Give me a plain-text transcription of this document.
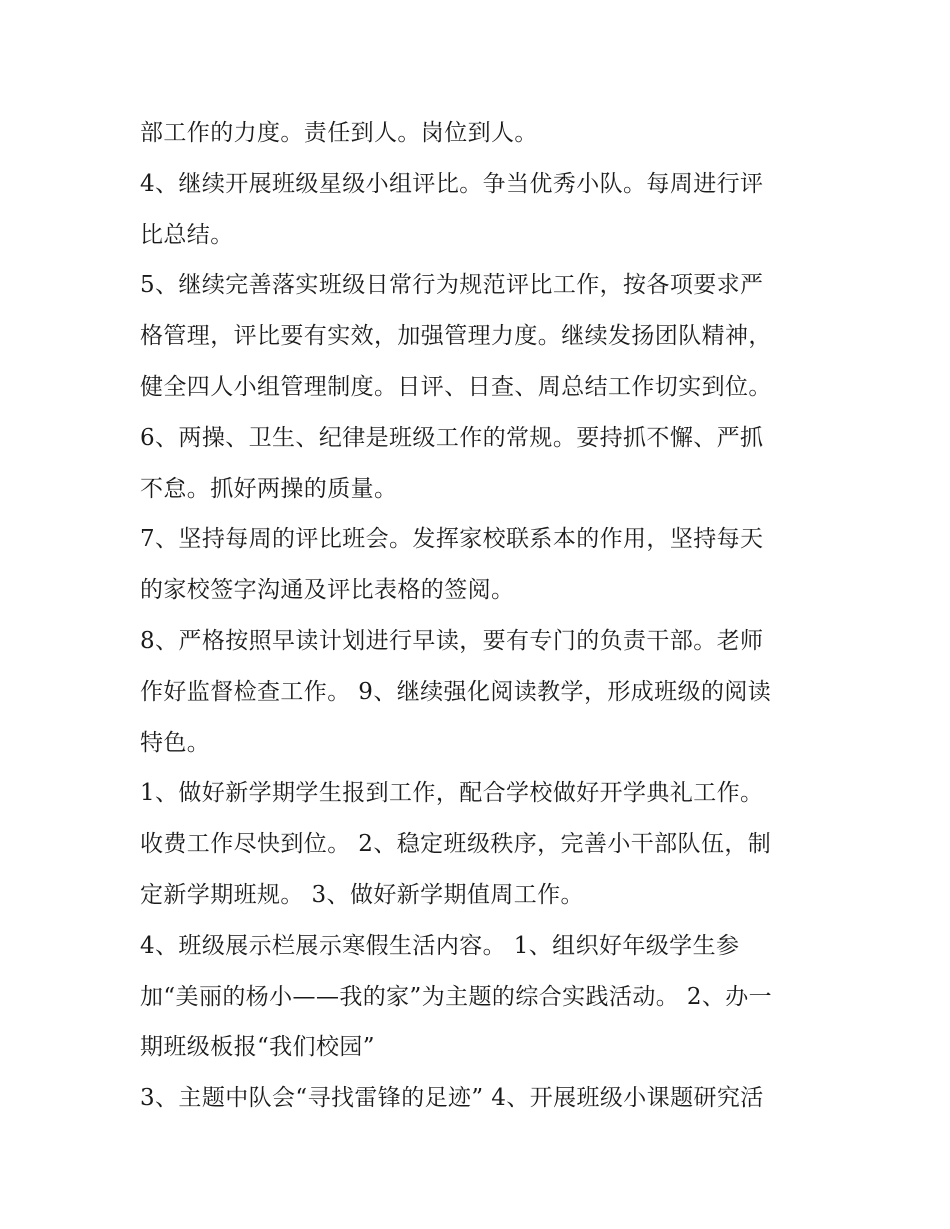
部工作的力度。责任到人。岗位到人。
4、继续开展班级星级小组评比。争当优秀小队。每周进行评
比总结。
5、继续完善落实班级日常行为规范评比工作，按各项要求严
格管理，评比要有实效，加强管理力度。继续发扬团队精神，
健全四人小组管理制度。日评、日查、周总结工作切实到位。
6、两操、卫生、纪律是班级工作的常规。要持抓不懈、严抓
不怠。抓好两操的质量。
7、坚持每周的评比班会。发挥家校联系本的作用，坚持每天
的家校签字沟通及评比表格的签阅。
8、严格按照早读计划进行早读，要有专门的负责干部。老师
作好监督检查工作。 9、继续强化阅读教学，形成班级的阅读
特色。
1、做好新学期学生报到工作，配合学校做好开学典礼工作。
收费工作尽快到位。 2、稳定班级秩序，完善小干部队伍，制
定新学期班规。 3、做好新学期值周工作。
4、班级展示栏展示寒假生活内容。 1、组织好年级学生参
加“美丽的杨小——我的家”为主题的综合实践活动。 2、办一
期班级板报“我们校园”
3、主题中队会“寻找雷锋的足迹” 4、开展班级小课题研究活
